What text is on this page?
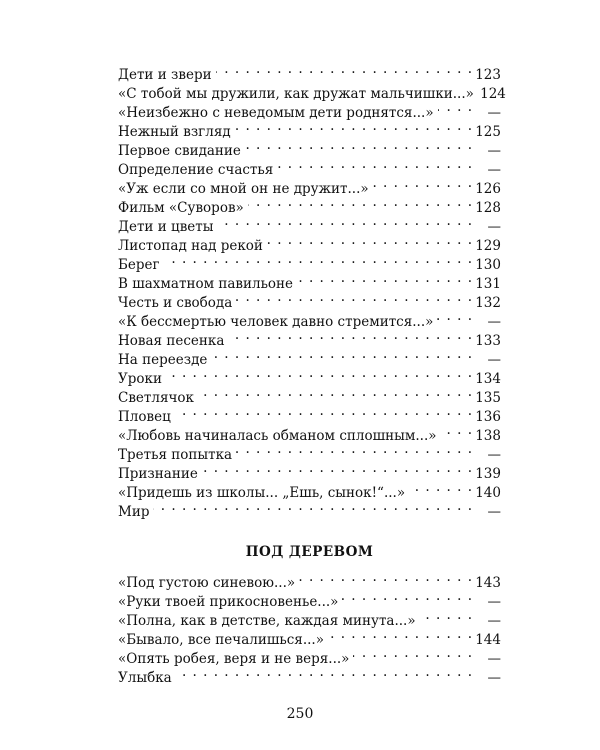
Дети и звери . . .	123
«С тобой мы дружили, как дружат мальчишки...» 124
«Неизбежно с неведомым дети роднятся...» . . .	—
Нежный взгляд . . .	125
Первое свидание . . .	—
Определение счастья . . .	—
«Уж если со мной он не дружит...» . . .	126
Фильм «Суворов» . . .	128
Дети и цветы . . .	—
Листопад над рекой . . .	129
Берег . . .	130
В шахматном павильоне . . .	131
Честь и свобода . . .	132
«К бессмертью человек давно стремится...» . . .	—
Новая песенка . . .	133
На переезде . . .	—
Уроки . . .	134
Светлячок . . .	135
Пловец . . .	136
«Любовь начиналась обманом сплошным...» . . .	138
Третья попытка . . .	—
Признание . . .	139
«Придешь из школы... „Ешь, сынок!“...» . . .	140
Мир . . .	—
ПОД ДЕРЕВОМ
«Под густою синевою...» . . .	143
«Руки твоей прикосновенье...» . . .	—
«Полна, как в детстве, каждая минута...» . . .	—
«Бывало, все печалишься...» . . .	144
«Опять робея, веря и не веря...» . . .	—
Улыбка . . .	—
250
